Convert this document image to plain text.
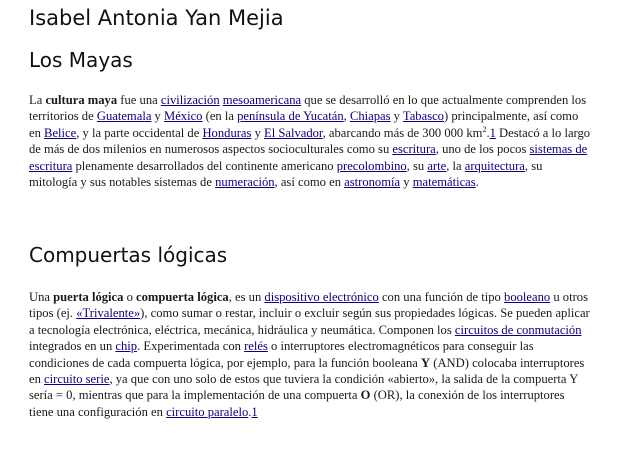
Isabel Antonia Yan Mejia
Los Mayas

La cultura maya fue una civilización mesoamericana que se desarrolló en lo que actualmente comprenden los territorios de Guatemala y México (en la península de Yucatán, Chiapas y Tabasco) principalmente, así como en Belice, y la parte occidental de Honduras y El Salvador, abarcando más de 300 000 $km^2.1$ Destacó a lo largo de más de dos milenios en numerosos aspectos socioculturales como su escritura, uno de los pocos sistemas de escritura plenamente desarrollados del continente americano precolombino, su arte, la arquitectura, su mitología y sus notables sistemas de numeración, así como en astronomía y matemáticas.

Compuertas lógicas

Una puerta lógica o compuerta lógica, es un dispositivo electrónico con una función de tipo booleano u otros tipos (ej. «Trivalente»), como sumar o restar, incluir o excluir según sus propiedades lógicas. Se pueden aplicar a tecnología electrónica, eléctrica, mecánica, hidráulica y neumática. Componen los circuitos de conmutación integrados en un chip. Experimentada con relés o interruptores electromagnéticos para conseguir las condiciones de cada compuerta lógica, por ejemplo, para la función booleana Y (AND) colocaba interruptores en circuito serie, ya que con uno solo de estos que tuviera la condición «abierto», la salida de la compuerta Y sería = 0, mientras que para la implementación de una compuerta O (OR), la conexión de los interruptores tiene una configuración en circuito paralelo.1
